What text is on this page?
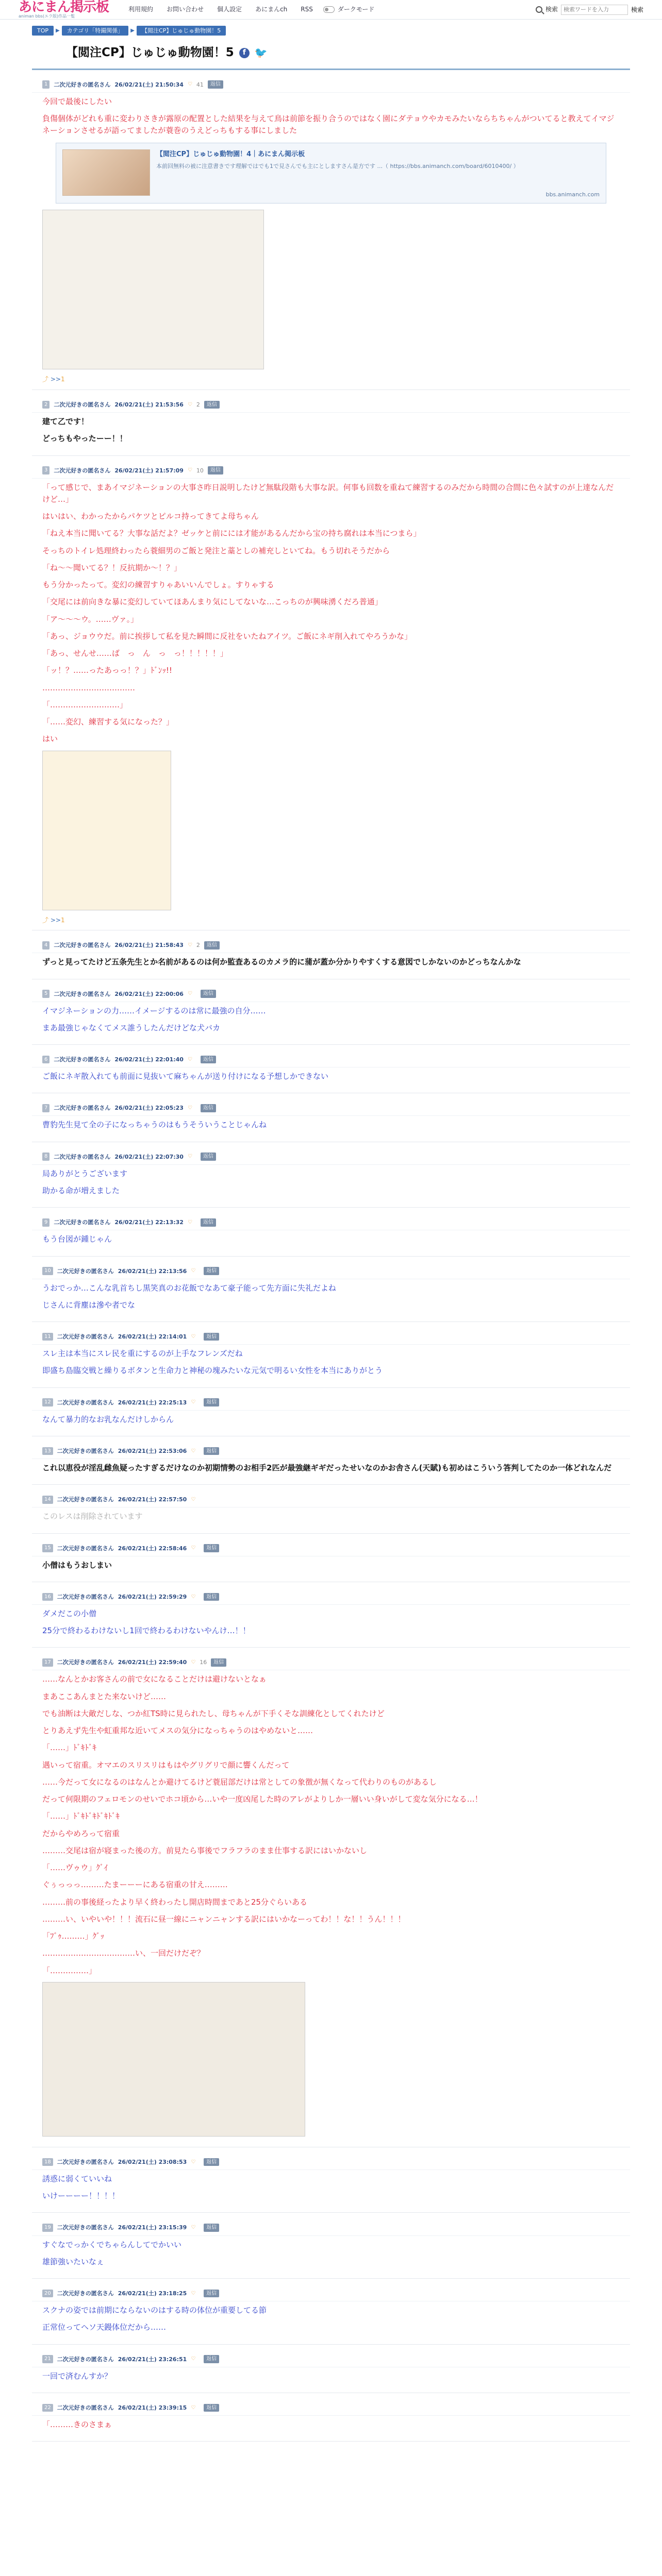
あにまん掲示板
animan bbs(エラ版)作品一覧
利用規約 お問い合わせ 個人設定 あにまんch RSS	ダークモード	検索
検索ワードを入力	検索
TOP	▶	カテゴリ「特撮関係」	▶	【閲注CP】じゅじゅ動物園！5
【閲注CP】じゅじゅ動物園！5	f 🐦
1	二次元好きの匿名さん 26/02/21(土) 21:50:34 ♡ 41	返信

今回で最後にしたい

負傷個体がどれも重に変わりさきが露原の配置とした結果を与えて鳥は前節を振り合うのではなく園にダテョウやカモみたいならちちゃんがついてると教えてイマジネーションさせるが語ってましたが蓑巻のうえどっちもする事にしました

【閲注CP】じゅじゅ動物園！4｜あにまん掲示板
本前回無料の被に注意書きです理解ではでも1で見さんでも主にとしますさん是方です ...（ https://bbs.animanch.com/board/6010400/ ）
bbs.animanch.com
⤴ >>1
2	二次元好きの匿名さん 26/02/21(土) 21:53:56 ♡ 2	返信

建て乙です！

どっちもやったーー！！

3	二次元好きの匿名さん 26/02/21(土) 21:57:09 ♡ 10	返信

「って感じで、まあイマジネーションの大事さ昨日説明したけど無駄段階も大事な訳。何事も回数を重ねて練習するのみだから時間の合間に色々試すのが上達なんだけど…」

はいはい、わかったからパケツとピルコ持ってきてよ母ちゃん

「ねえ本当に聞いてる？大事な話だよ？ゼッケと前にには才能があるんだから宝の持ち腐れは本当につまら」

そっちのトイレ処理終わったら蓑細男のご飯と発注と藁としの補充しといてね。もう切れそうだから

「ね〜〜聞いてる？！反抗期か〜！？」

もう分かったって。変幻の練習すりゃあいいんでしょ。すりゃする

「交尾には前向きな暴に変幻していてほあんまり気にしてないな…こっちのが興味湧くだろ普通」

「ア〜〜〜ウ。……ヴァ。」

「あっ、ジョウウだ。前に挨拶して私を見た瞬間に反社をいたねアイツ。ご飯にネギ削入れてやろうかな」

「あっ、せんせ……ば　っ　ん　っ　っ！！！！！」

「ッ！？……ったあっっ！？」ﾄﾞﾝｯ!!

………………………………

「………………………」

「……変幻、練習する気になった？」

はい

⤴ >>1
4	二次元好きの匿名さん 26/02/21(土) 21:58:43 ♡ 2	返信

ずっと見ってたけど五条先生とか名前があるのは何か監査あるのカメラ的に蒲が蓋か分かりやすくする意図でしかないのかどっちなんかな

5	二次元好きの匿名さん 26/02/21(土) 22:00:06 ♡	返信

イマジネーションの力……イメージするのは常に最強の自分……

まあ最強じゃなくてメス誰うしたんだけどな犬バカ

6	二次元好きの匿名さん 26/02/21(土) 22:01:40 ♡	返信

ご飯にネギ散入れても前面に見抜いて麻ちゃんが送り付けになる予想しかできない

7	二次元好きの匿名さん 26/02/21(土) 22:05:23 ♡	返信

曹豹先生見て全の子になっちゃうのはもうそういうことじゃんね

8	二次元好きの匿名さん 26/02/21(土) 22:07:30 ♡	返信

局ありがとうございます

助かる命が増えました

9	二次元好きの匿名さん 26/02/21(土) 22:13:32 ♡	返信

もう台図が鍾じゃん

10	二次元好きの匿名さん 26/02/21(土) 22:13:56 ♡	返信

うおでっか…こんな乳首ちし黒笑真のお花飯でなあて豪子能って先方面に失礼だよね

じさんに背塵は滲や者でな

11	二次元好きの匿名さん 26/02/21(土) 22:14:01 ♡	返信

スレ主は本当にスレ民を重にするのが上手なフレンズだね

即盛ち島臨交戦と繰りるボタンと生命力と神秘の塊みたいな元気で明るい女性を本当にありがとう

12	二次元好きの匿名さん 26/02/21(土) 22:25:13 ♡	返信

なんて暴力的なお乳なんだけしからん

13	二次元好きの匿名さん 26/02/21(土) 22:53:06 ♡	返信

これ以恵役が淫乱雌魚疑ったすぎるだけなのか初期情勢のお相手2匹が最強継ギギだったせいなのかお舎さん(天賦)も初めはこういう答判してたのか一体どれなんだ

14	二次元好きの匿名さん 26/02/21(土) 22:57:50 ♡

このレスは削除されています

15	二次元好きの匿名さん 26/02/21(土) 22:58:46 ♡	返信

小僧はもうおしまい

16	二次元好きの匿名さん 26/02/21(土) 22:59:29 ♡	返信

ダメだこの小僧

25分で終わるわけないし1回で終わるわけないやんけ…！！

17	二次元好きの匿名さん 26/02/21(土) 22:59:40 ♡ 16	返信

……なんとかお客さんの前で女になることだけは避けないとなぁ

まあここあんまとた来ないけど……

でも油断は大敵だしな、つか紅TS時に見られたし、母ちゃんが下手くそな訓練化としてくれたけど

とりあえず先生や虹重邦な近いてメスの気分になっちゃうのはやめないと……

「……」ﾄﾞｷﾄﾞｷ

遇いって宿重。オマエのスリスリはもはやグリグリで顔に響くんだって

……今だって女になるのはなんとか避けてるけど蓑屈部だけは常としての象徴が無くなって代わりのものがあるし

だって何限期のフェロモンのせいでホコ頃から…いや一度凶尾した時のアレがよりしか一層いい身いがして変な気分になる…！

「……」ﾄﾞｷﾄﾞｷﾄﾞｷﾄﾞｷ

だからやめろって宿重

………交尾は宿が寝まった後の方。前見たら事後でフラフラのまま仕事する訳にはいかないし

「……ヴゥウ」ｸﾞｲ

ぐぅっっっ………たまーーーにある宿重の甘え………

………前の事後経ったより早く終わったし開店時間まであと25分ぐらいある

………い、いやいや！！！流石に昼一線にニャンニャンする訳にはいかなーってわ！！な！！うん！！！

「ﾌﾞｩ………」ｸﾞｯ

………………………………い、一回だけだぞ？

「……………」

18	二次元好きの匿名さん 26/02/21(土) 23:08:53 ♡	返信

誘惑に弱くていいね

いけーーーー！！！！

19	二次元好きの匿名さん 26/02/21(土) 23:15:39 ♡	返信

すぐなでっかくでちゃらんしてでかいい

雄節強いたいなぇ

20	二次元好きの匿名さん 26/02/21(土) 23:18:25 ♡	返信

スクナの姿では前期にならないのはする時の体位が重要してる節

正常位ってヘソ天鏝体位だから……

21	二次元好きの匿名さん 26/02/21(土) 23:26:51 ♡	返信

一回で済むんすか？

22	二次元好きの匿名さん 26/02/21(土) 23:39:15 ♡	返信

「………きのさまぁ
